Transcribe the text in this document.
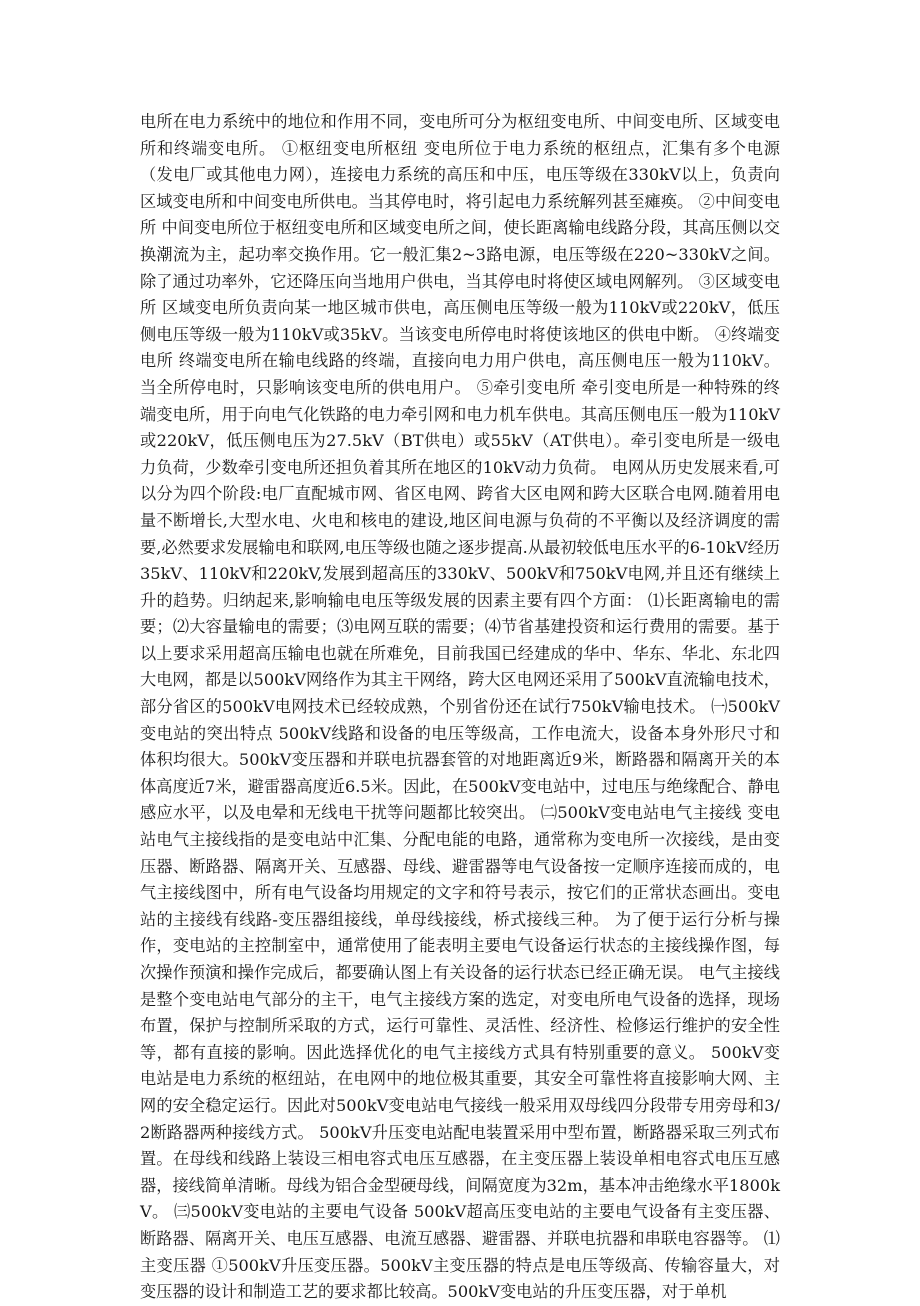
电所在电力系统中的地位和作用不同，变电所可分为枢纽变电所、中间变电所、区域变电所和终端变电所。 ①枢纽变电所枢纽 变电所位于电力系统的枢纽点，汇集有多个电源（发电厂或其他电力网），连接电力系统的高压和中压，电压等级在330kV以上，负责向区域变电所和中间变电所供电。当其停电时，将引起电力系统解列甚至瘫痪。 ②中间变电所 中间变电所位于枢纽变电所和区域变电所之间，使长距离输电线路分段，其高压侧以交换潮流为主，起功率交换作用。它一般汇集2~3路电源，电压等级在220~330kV之间。除了通过功率外，它还降压向当地用户供电，当其停电时将使区域电网解列。 ③区域变电所 区域变电所负责向某一地区城市供电，高压侧电压等级一般为110kV或220kV，低压侧电压等级一般为110kV或35kV。当该变电所停电时将使该地区的供电中断。 ④终端变电所 终端变电所在输电线路的终端，直接向电力用户供电，高压侧电压一般为110kV。当全所停电时，只影响该变电所的供电用户。 ⑤牵引变电所 牵引变电所是一种特殊的终端变电所，用于向电气化铁路的电力牵引网和电力机车供电。其高压侧电压一般为110kV或220kV，低压侧电压为27.5kV（BT供电）或55kV（AT供电）。牵引变电所是一级电力负荷，少数牵引变电所还担负着其所在地区的10kV动力负荷。 电网从历史发展来看,可以分为四个阶段:电厂直配城市网、省区电网、跨省大区电网和跨大区联合电网.随着用电量不断增长,大型水电、火电和核电的建设,地区间电源与负荷的不平衡以及经济调度的需要,必然要求发展输电和联网,电压等级也随之逐步提高.从最初较低电压水平的6-10kV经历35kV、110kV和220kV,发展到超高压的330kV、500kV和750kV电网,并且还有继续上升的趋势。归纳起来,影响输电电压等级发展的因素主要有四个方面： ⑴长距离输电的需要；⑵大容量输电的需要；⑶电网互联的需要；⑷节省基建投资和运行费用的需要。基于以上要求采用超高压输电也就在所难免，目前我国已经建成的华中、华东、华北、东北四大电网，都是以500kV网络作为其主干网络，跨大区电网还采用了500kV直流输电技术，部分省区的500kV电网技术已经较成熟，个别省份还在试行750kV输电技术。 ㈠500kV变电站的突出特点 500kV线路和设备的电压等级高，工作电流大，设备本身外形尺寸和体积均很大。500kV变压器和并联电抗器套管的对地距离近9米，断路器和隔离开关的本体高度近7米，避雷器高度近6.5米。因此，在500kV变电站中，过电压与绝缘配合、静电感应水平，以及电晕和无线电干扰等问题都比较突出。 ㈡500kV变电站电气主接线 变电站电气主接线指的是变电站中汇集、分配电能的电路，通常称为变电所一次接线，是由变压器、断路器、隔离开关、互感器、母线、避雷器等电气设备按一定顺序连接而成的，电气主接线图中，所有电气设备均用规定的文字和符号表示，按它们的正常状态画出。变电站的主接线有线路-变压器组接线，单母线接线，桥式接线三种。 为了便于运行分析与操作，变电站的主控制室中，通常使用了能表明主要电气设备运行状态的主接线操作图，每次操作预演和操作完成后，都要确认图上有关设备的运行状态已经正确无误。 电气主接线是整个变电站电气部分的主干，电气主接线方案的选定，对变电所电气设备的选择，现场布置，保护与控制所采取的方式，运行可靠性、灵活性、经济性、检修运行维护的安全性等，都有直接的影响。因此选择优化的电气主接线方式具有特别重要的意义。 500kV变电站是电力系统的枢纽站，在电网中的地位极其重要，其安全可靠性将直接影响大网、主网的安全稳定运行。因此对500kV变电站电气接线一般采用双母线四分段带专用旁母和3/2断路器两种接线方式。 500kV升压变电站配电装置采用中型布置，断路器采取三列式布置。在母线和线路上装设三相电容式电压互感器，在主变压器上装设单相电容式电压互感器，接线简单清晰。母线为铝合金型硬母线，间隔宽度为32m，基本冲击绝缘水平1800kV。 ㈢500kV变电站的主要电气设备 500kV超高压变电站的主要电气设备有主变压器、断路器、隔离开关、电压互感器、电流互感器、避雷器、并联电抗器和串联电容器等。 ⑴主变压器 ①500kV升压变压器。500kV主变压器的特点是电压等级高、传输容量大，对变压器的设计和制造工艺的要求都比较高。500kV变电站的升压变压器，对于单机
